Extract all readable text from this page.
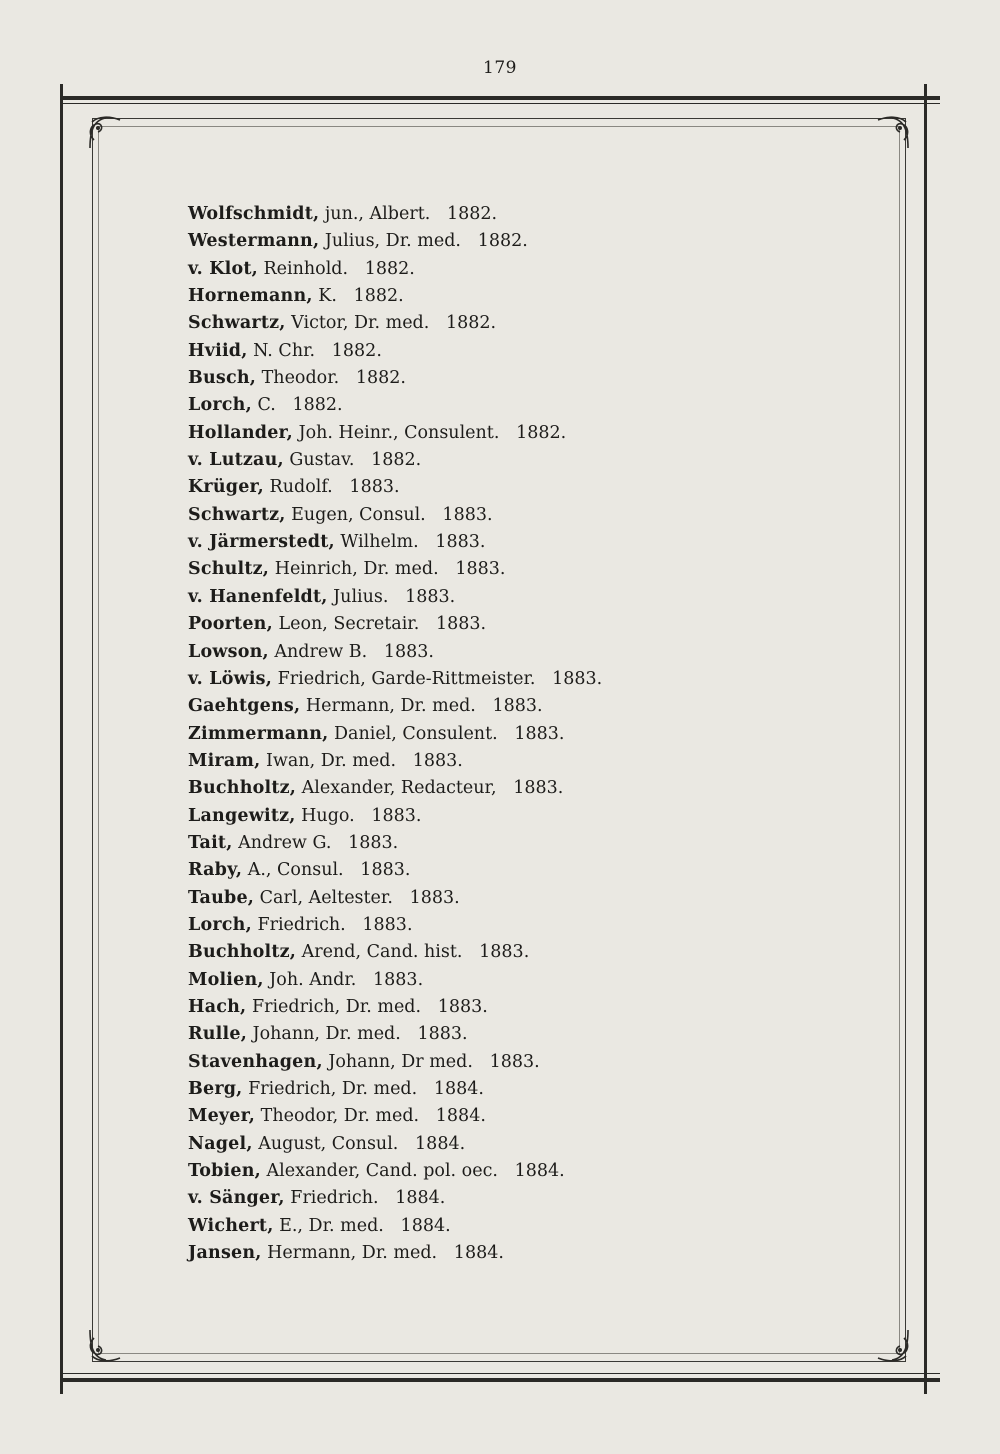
179
Wolfschmidt, jun., Albert.   1882.
Westermann, Julius, Dr. med.   1882.
v. Klot, Reinhold.   1882.
Hornemann, K.   1882.
Schwartz, Victor, Dr. med.   1882.
Hviid, N. Chr.   1882.
Busch, Theodor.   1882.
Lorch, C.   1882.
Hollander, Joh. Heinr., Consulent.   1882.
v. Lutzau, Gustav.   1882.
Krüger, Rudolf.   1883.
Schwartz, Eugen, Consul.   1883.
v. Järmerstedt, Wilhelm.   1883.
Schultz, Heinrich, Dr. med.   1883.
v. Hanenfeldt, Julius.   1883.
Poorten, Leon, Secretair.   1883.
Lowson, Andrew B.   1883.
v. Löwis, Friedrich, Garde-Rittmeister.   1883.
Gaehtgens, Hermann, Dr. med.   1883.
Zimmermann, Daniel, Consulent.   1883.
Miram, Iwan, Dr. med.   1883.
Buchholtz, Alexander, Redacteur,   1883.
Langewitz, Hugo.   1883.
Tait, Andrew G.   1883.
Raby, A., Consul.   1883.
Taube, Carl, Aeltester.   1883.
Lorch, Friedrich.   1883.
Buchholtz, Arend, Cand. hist.   1883.
Molien, Joh. Andr.   1883.
Hach, Friedrich, Dr. med.   1883.
Rulle, Johann, Dr. med.   1883.
Stavenhagen, Johann, Dr med.   1883.
Berg, Friedrich, Dr. med.   1884.
Meyer, Theodor, Dr. med.   1884.
Nagel, August, Consul.   1884.
Tobien, Alexander, Cand. pol. oec.   1884.
v. Sänger, Friedrich.   1884.
Wichert, E., Dr. med.   1884.
Jansen, Hermann, Dr. med.   1884.
